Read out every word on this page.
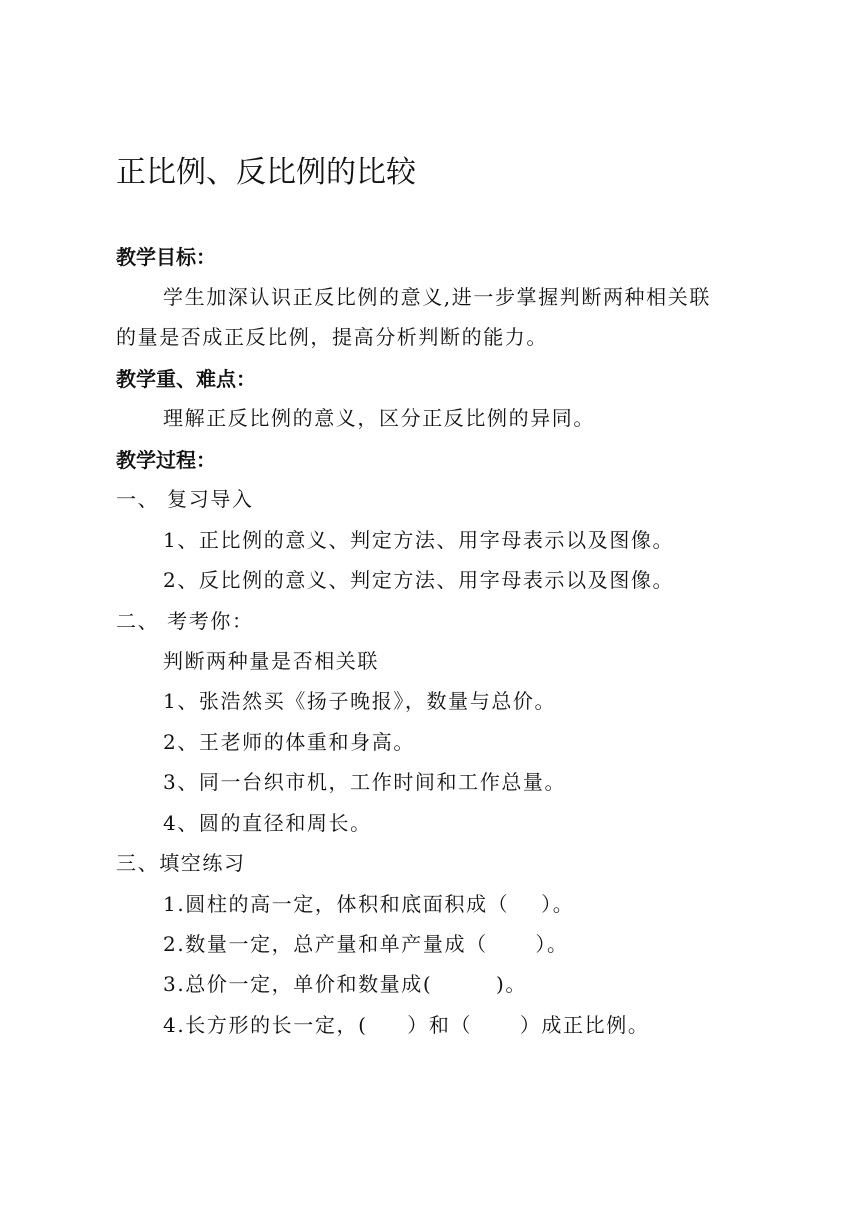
正比例、反比例的比较
教学目标：
学生加深认识正反比例的意义,进一步掌握判断两种相关联
的量是否成正反比例，提高分析判断的能力。
教学重、难点：
理解正反比例的意义，区分正反比例的异同。
教学过程：
一、 复习导入
1、正比例的意义、判定方法、用字母表示以及图像。
2、反比例的意义、判定方法、用字母表示以及图像。
二、 考考你：
判断两种量是否相关联
1、张浩然买《扬子晚报》，数量与总价。
2、王老师的体重和身高。
3、同一台织市机，工作时间和工作总量。
4、圆的直径和周长。
三、填空练习
1.圆柱的高一定，体积和底面积成（    ）。
2.数量一定，总产量和单产量成（      ）。
3.总价一定，单价和数量成(        )。
4.长方形的长一定，(     ）和（      ）成正比例。
